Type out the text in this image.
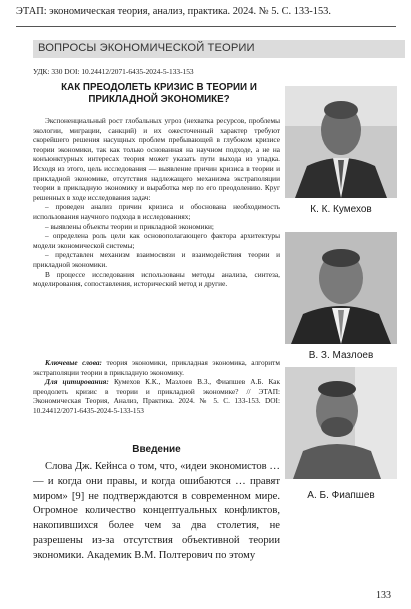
ЭТАП: экономическая теория, анализ, практика. 2024. № 5. С. 133-153.
ВОПРОСЫ ЭКОНОМИЧЕСКОЙ ТЕОРИИ
УДК: 330 DOI: 10.24412/2071-6435-2024-5-133-153
КАК ПРЕОДОЛЕТЬ КРИЗИС В ТЕОРИИ И ПРИКЛАДНОЙ ЭКОНОМИКЕ?

Экспоненциальный рост глобальных угроз (нехватка ресурсов, проблемы экологии, миграции, санкций) и их ожесточенный характер требуют скорейшего решения насущных проблем пребывающей в глубоком кризисе теории экономики, так как только основанная на научном подходе, а не на конъюнктурных интересах теория может указать пути выхода из упадка. Исходя из этого, цель исследования — выявление причин кризиса в теории и прикладной экономике, отсутствия надлежащего механизма экстраполяции теории в прикладную экономику и выработка мер по его преодолению. Круг решенных в ходе исследования задач:

– проведен анализ причин кризиса и обоснована необходимость использования научного подхода в исследованиях;

– выявлены объекты теории и прикладной экономики;

– определена роль цели как основополагающего фактора архитектуры модели экономической системы;

– представлен механизм взаимосвязи и взаимодействия теории и прикладной экономики.

В процессе исследования использованы методы анализа, синтеза, моделирования, сопоставления, исторический метод и другие.

Ключевые слова: теория экономики, прикладная экономика, алгоритм экстраполяции теории в прикладную экономику.
Для цитирования: Кумехов К.К., Мазлоев В.З., Фиапшев А.Б. Как преодолеть кризис в теории и прикладной экономике? // ЭТАП: Экономическая Теория, Анализ, Практика. 2024. № 5. С. 133-153. DOI: 10.24412/2071-6435-2024-5-133-153
Введение

Слова Дж. Кейнса о том, что, «идеи экономистов …— и когда они правы, и когда ошибаются … правят миром» [9] не подтверждаются в современном мире. Огромное количество концептуальных конфликтов, накопившихся более чем за два столетия, не разрешены из-за отсутствия объективной теории экономики. Академик В.М. Полтерович по этому

К. К. Кумехов
В. З. Мазлоев
А. Б. Фиапшев
133
